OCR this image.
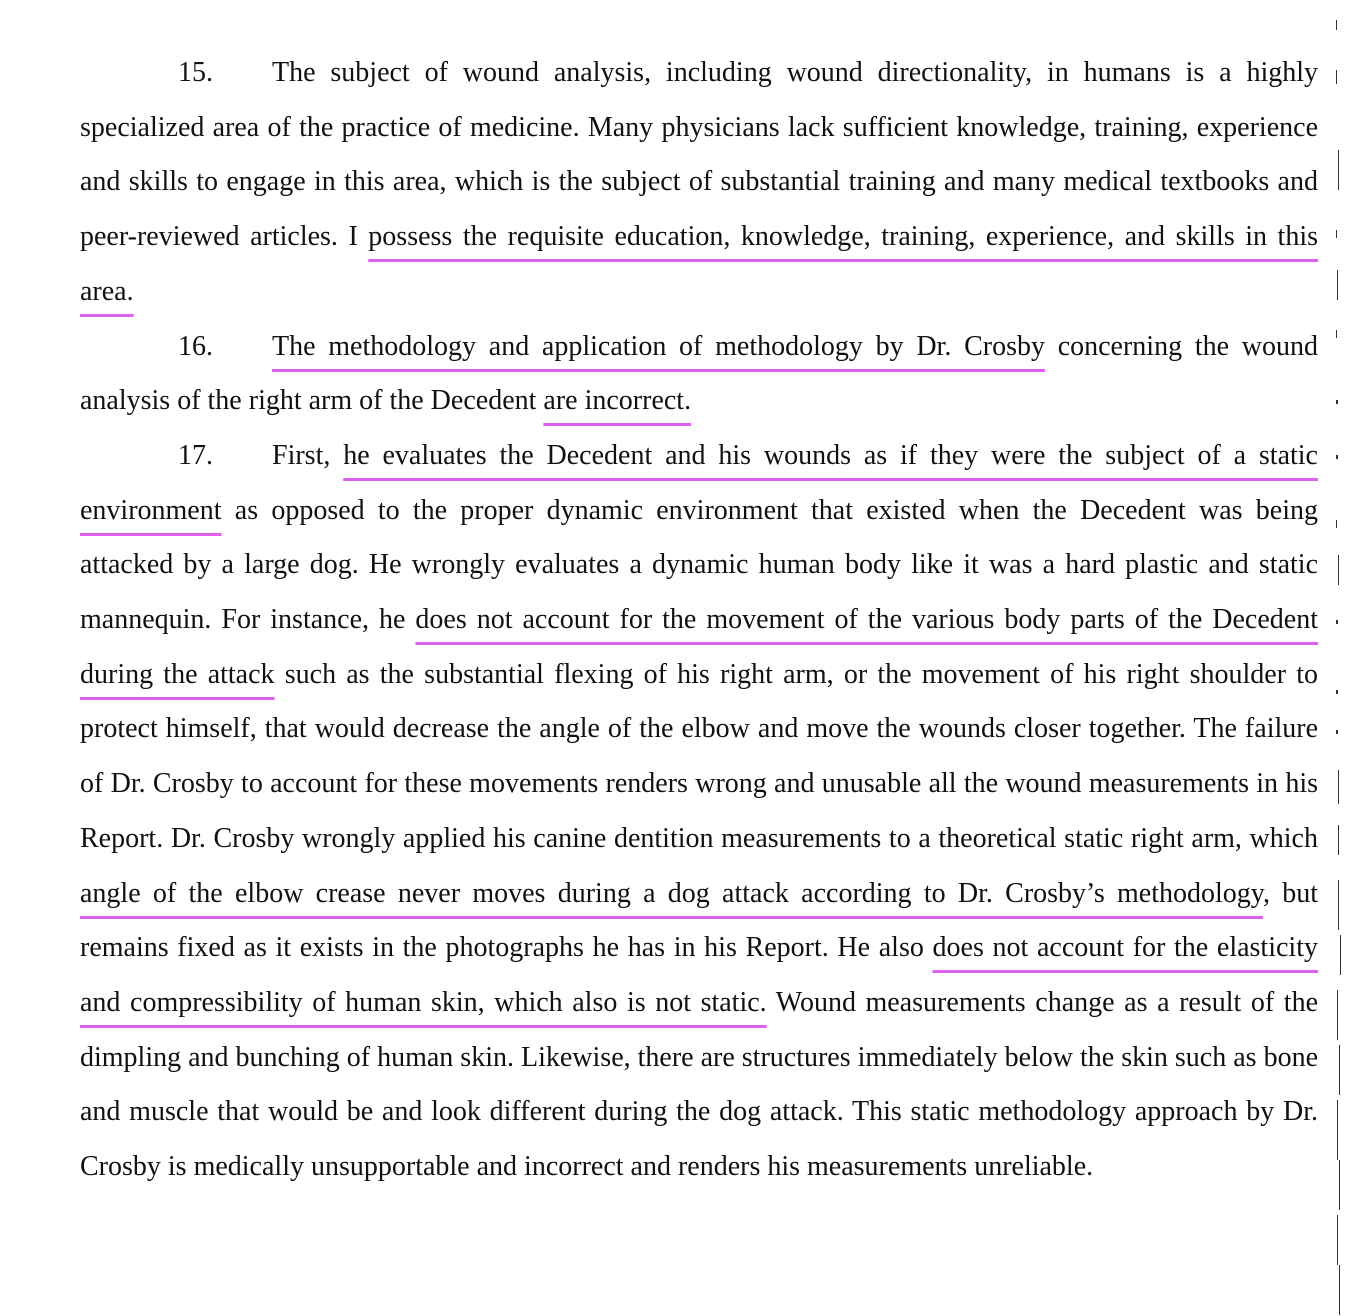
15. The subject of wound analysis, including wound directionality, in humans is a highly specialized area of the practice of medicine. Many physicians lack sufficient knowledge, training, experience and skills to engage in this area, which is the subject of substantial training and many medical textbooks and peer-reviewed articles. I possess the requisite education, knowledge, training, experience, and skills in this area.

16. The methodology and application of methodology by Dr. Crosby concerning the wound analysis of the right arm of the Decedent are incorrect.

17. First, he evaluates the Decedent and his wounds as if they were the subject of a static environment as opposed to the proper dynamic environment that existed when the Decedent was being attacked by a large dog. He wrongly evaluates a dynamic human body like it was a hard plastic and static mannequin. For instance, he does not account for the movement of the various body parts of the Decedent during the attack such as the substantial flexing of his right arm, or the movement of his right shoulder to protect himself, that would decrease the angle of the elbow and move the wounds closer together. The failure of Dr. Crosby to account for these movements renders wrong and unusable all the wound measurements in his Report. Dr. Crosby wrongly applied his canine dentition measurements to a theoretical static right arm, which angle of the elbow crease never moves during a dog attack according to Dr. Crosby’s methodology, but remains fixed as it exists in the photographs he has in his Report. He also does not account for the elasticity and compressibility of human skin, which also is not static. Wound measurements change as a result of the dimpling and bunching of human skin. Likewise, there are structures immediately below the skin such as bone and muscle that would be and look different during the dog attack. This static methodology approach by Dr. Crosby is medically unsupportable and incorrect and renders his measurements unreliable.
